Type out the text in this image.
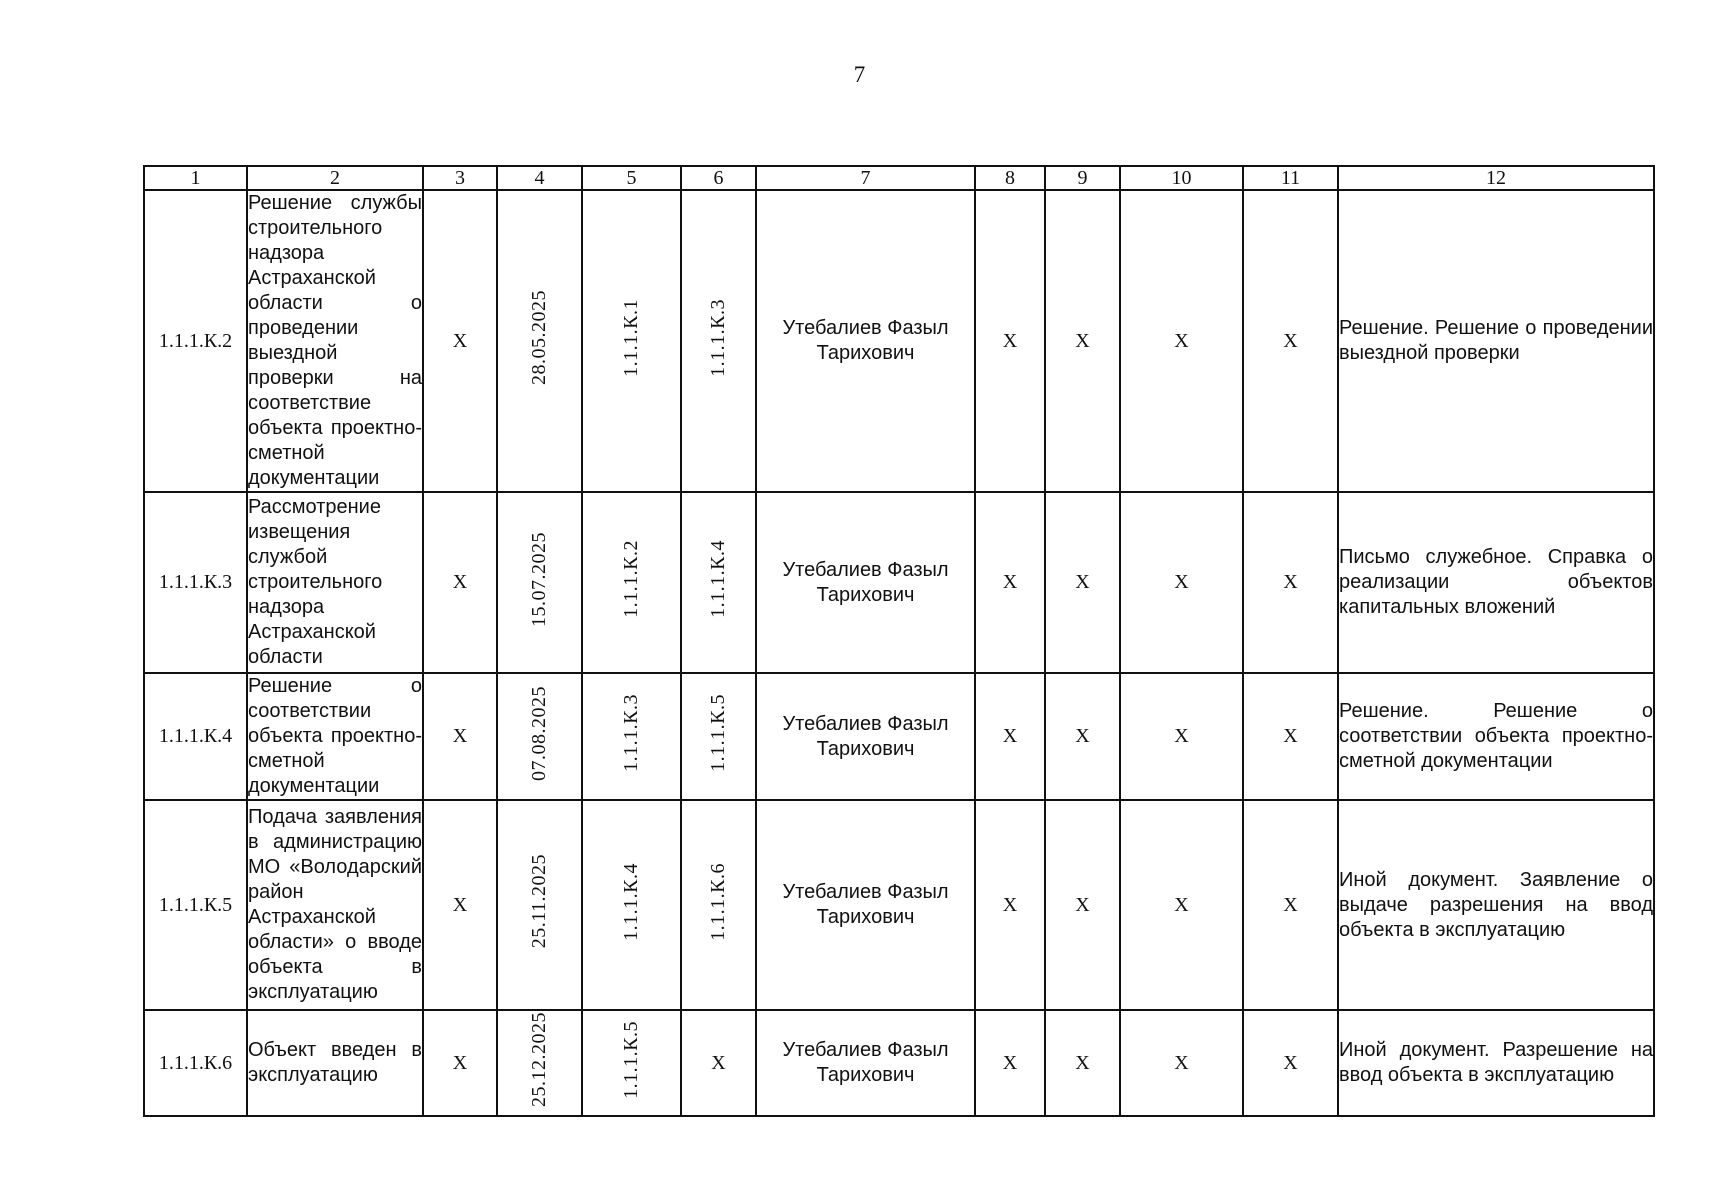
7
1	2	3	4	5	6	7	8	9	10	11	12
1.1.1.К.2	Решение службы строительного надзора Астраханской области о проведении выездной проверки на соответствие объекта проектно-сметной документации	X	28.05.2025	1.1.1.К.1	1.1.1.К.3	Утебалиев Фазыл
Тарихович	X	X	X	X	Решение. Решение о проведении выездной проверки
1.1.1.К.3	Рассмотрение извещения службой строительного надзора Астраханской области	X	15.07.2025	1.1.1.К.2	1.1.1.К.4	Утебалиев Фазыл
Тарихович	X	X	X	X	Письмо служебное. Справка о реализации объектов капитальных вложений
1.1.1.К.4	Решение о соответствии объекта проектно-сметной документации	X	07.08.2025	1.1.1.К.3	1.1.1.К.5	Утебалиев Фазыл
Тарихович	X	X	X	X	Решение. Решение о соответствии объекта проектно-сметной документации
1.1.1.К.5	Подача заявления в администрацию МО «Володарский район Астраханской области» о вводе объекта в эксплуатацию	X	25.11.2025	1.1.1.К.4	1.1.1.К.6	Утебалиев Фазыл
Тарихович	X	X	X	X	Иной документ. Заявление о выдаче разрешения на ввод объекта в эксплуатацию
1.1.1.К.6	Объект введен в эксплуатацию	X	25.12.2025	1.1.1.К.5	X	Утебалиев Фазыл
Тарихович	X	X	X	X	Иной документ. Разрешение на ввод объекта в эксплуатацию
